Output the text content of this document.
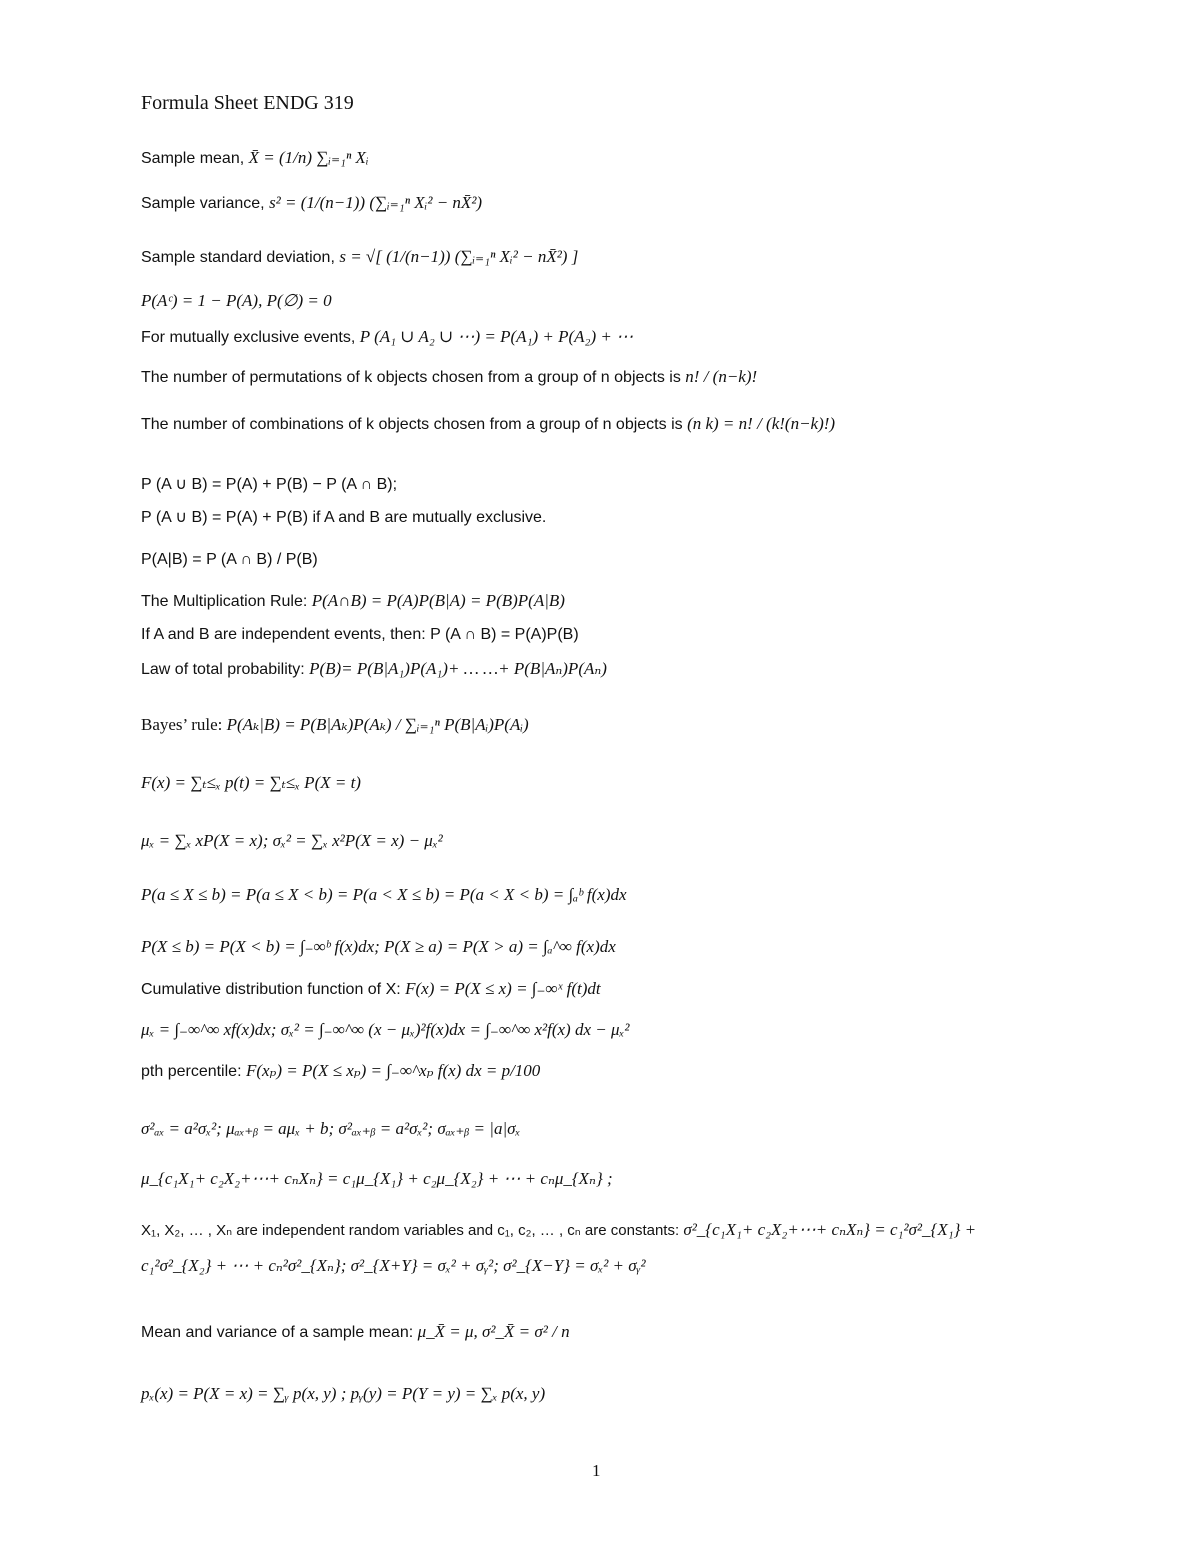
Formula Sheet ENDG 319
Sample mean, X̄ = (1/n) ∑ᵢ₌₁ⁿ Xᵢ
Sample variance, s² = (1/(n−1)) (∑ᵢ₌₁ⁿ Xᵢ² − nX̄²)
Sample standard deviation, s = √[ (1/(n−1)) (∑ᵢ₌₁ⁿ Xᵢ² − nX̄²) ]
P(Aᶜ) = 1 − P(A), P(∅) = 0
For mutually exclusive events, P (A₁ ∪ A₂ ∪ ⋯) = P(A₁) + P(A₂) + ⋯
The number of permutations of k objects chosen from a group of n objects is n! / (n−k)!
The number of combinations of k objects chosen from a group of n objects is (n k) = n! / (k!(n−k)!)
P (A ∪ B) = P(A) + P(B) − P (A ∩ B);
P (A ∪ B) = P(A) + P(B) if A and B are mutually exclusive.
P(A|B) = P (A ∩ B) / P(B)
The Multiplication Rule: P(A∩B) = P(A)P(B|A) = P(B)P(A|B)
If A and B are independent events, then: P (A ∩ B) = P(A)P(B)
Law of total probability: P(B)= P(B|A₁)P(A₁)+ … …+ P(B|Aₙ)P(Aₙ)
Bayes’ rule: P(Aₖ|B) = P(B|Aₖ)P(Aₖ) / ∑ᵢ₌₁ⁿ P(B|Aᵢ)P(Aᵢ)
F(x) = ∑ₜ≤ₓ p(t) = ∑ₜ≤ₓ P(X = t)
μₓ = ∑ₓ xP(X = x); σₓ² = ∑ₓ x²P(X = x) − μₓ²
P(a ≤ X ≤ b) = P(a ≤ X < b) = P(a < X ≤ b) = P(a < X < b) = ∫ₐᵇ f(x)dx
P(X ≤ b) = P(X < b) = ∫₋∞ᵇ f(x)dx; P(X ≥ a) = P(X > a) = ∫ₐ^∞ f(x)dx
Cumulative distribution function of X: F(x) = P(X ≤ x) = ∫₋∞ˣ f(t)dt
μₓ = ∫₋∞^∞ xf(x)dx; σₓ² = ∫₋∞^∞ (x − μₓ)²f(x)dx = ∫₋∞^∞ x²f(x) dx − μₓ²
pth percentile: F(xₚ) = P(X ≤ xₚ) = ∫₋∞^xₚ f(x) dx = p/100
σ²ₐₓ = a²σₓ²; μₐₓ₊ᵦ = aμₓ + b; σ²ₐₓ₊ᵦ = a²σₓ²; σₐₓ₊ᵦ = |a|σₓ
μ_{c₁X₁+ c₂X₂+⋯+ cₙXₙ} = c₁μ_{X₁} + c₂μ_{X₂} + ⋯ + cₙμ_{Xₙ} ;
X₁, X₂, … , Xₙ are independent random variables and c₁, c₂, … , cₙ are constants: σ²_{c₁X₁+ c₂X₂+⋯+ cₙXₙ} = c₁²σ²_{X₁} +
c₁²σ²_{X₂} + ⋯ + cₙ²σ²_{Xₙ}; σ²_{X+Y} = σₓ² + σᵧ²; σ²_{X−Y} = σₓ² + σᵧ²
Mean and variance of a sample mean: μ_X̄ = μ, σ²_X̄ = σ² / n
pₓ(x) = P(X = x) = ∑ᵧ p(x, y) ; pᵧ(y) = P(Y = y) = ∑ₓ p(x, y)
1
